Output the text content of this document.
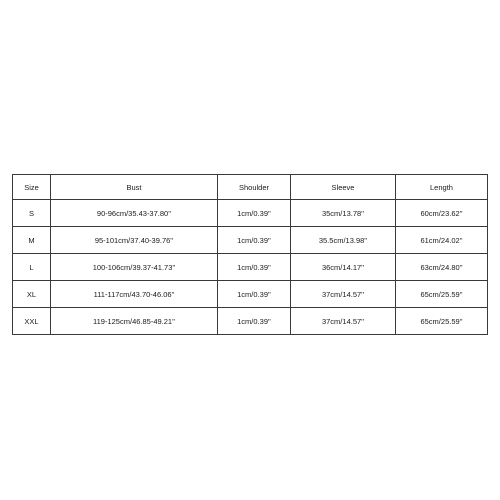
Size	Bust	Shoulder	Sleeve	Length
S	90-96cm/35.43-37.80''	1cm/0.39''	35cm/13.78''	60cm/23.62''
M	95-101cm/37.40-39.76''	1cm/0.39''	35.5cm/13.98''	61cm/24.02''
L	100-106cm/39.37-41.73''	1cm/0.39''	36cm/14.17''	63cm/24.80''
XL	111-117cm/43.70-46.06''	1cm/0.39''	37cm/14.57''	65cm/25.59''
XXL	119-125cm/46.85-49.21''	1cm/0.39''	37cm/14.57''	65cm/25.59''
